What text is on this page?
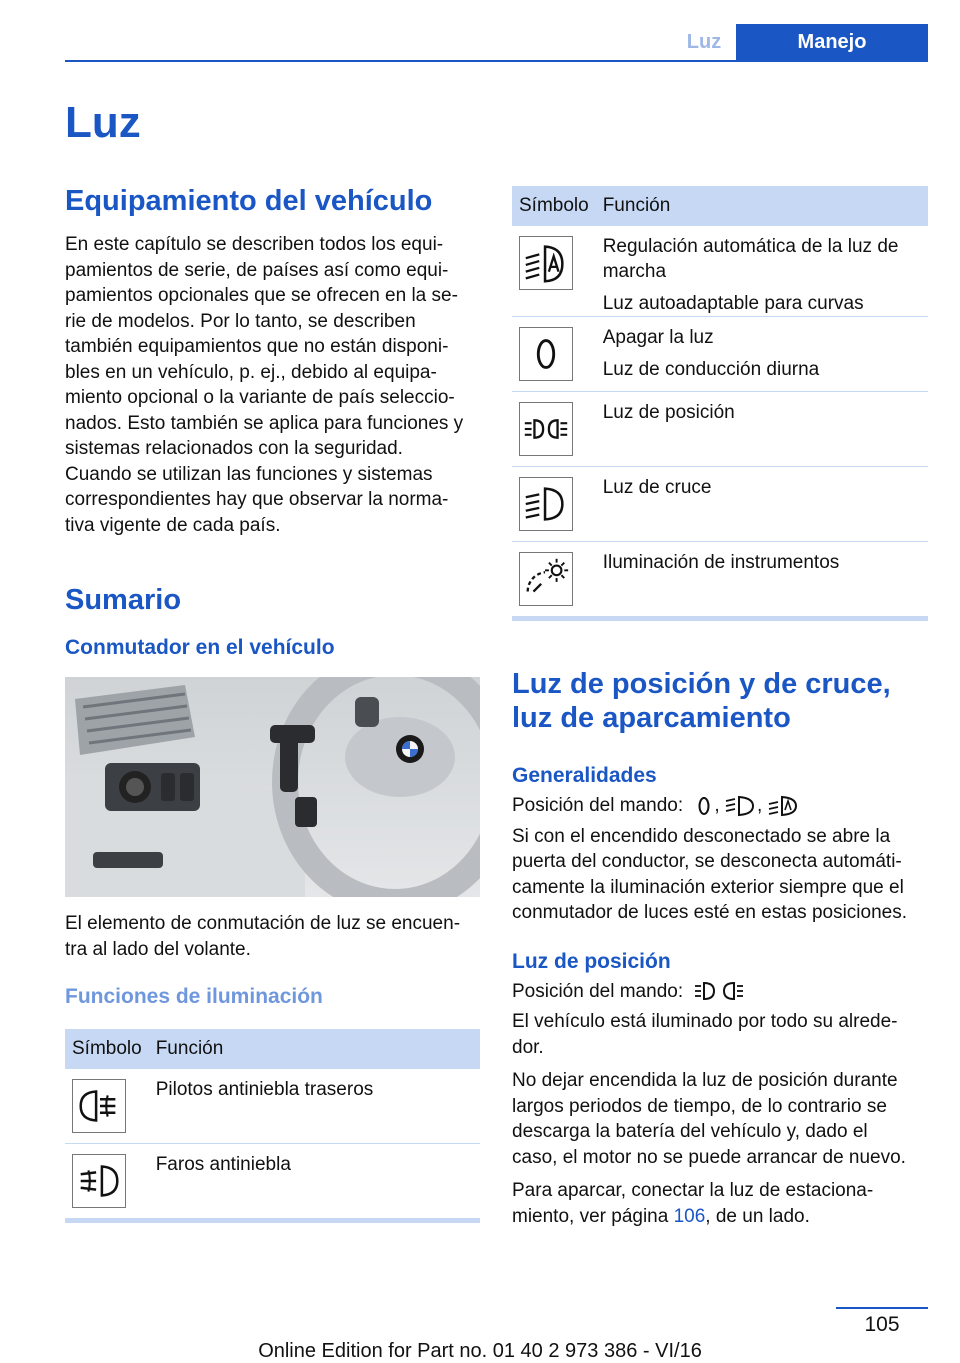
Luz	Manejo
Luz
Equipamiento del vehículo

En este capítulo se describen todos los equi-

pamientos de serie, de países así como equi-

pamientos opcionales que se ofrecen en la se-

rie de modelos. Por lo tanto, se describen

también equipamientos que no están disponi-

bles en un vehículo, p. ej., debido al equipa-

miento opcional o la variante de país seleccio-

nados. Esto también se aplica para funciones y

sistemas relacionados con la seguridad.

Cuando se utilizan las funciones y sistemas

correspondientes hay que observar la norma-

tiva vigente de cada país.

Sumario
Conmutador en el vehículo

El elemento de conmutación de luz se encuen-

tra al lado del volante.

Funciones de iluminación
Símbolo	Función

	Pilotos antiniebla traseros

	Faros antiniebla
Símbolo	Función

Regulación automática de la luz de marcha
Luz autoadaptable para curvas

Apagar la luz
Luz de conducción diurna

	Luz de posición

	Luz de cruce

	Iluminación de instrumentos
Luz de posición y de cruce,
luz de aparcamiento
Generalidades

Posición del mando: , ,

Si con el encendido desconectado se abre la

puerta del conductor, se desconecta automáti-

camente la iluminación exterior siempre que el

conmutador de luces esté en estas posiciones.

Luz de posición

Posición del mando:

El vehículo está iluminado por todo su alrede-

dor.

No dejar encendida la luz de posición durante

largos periodos de tiempo, de lo contrario se

descarga la batería del vehículo y, dado el

caso, el motor no se puede arrancar de nuevo.

Para aparcar, conectar la luz de estaciona-

miento, ver página 106, de un lado.

105
Online Edition for Part no. 01 40 2 973 386 - VI/16
